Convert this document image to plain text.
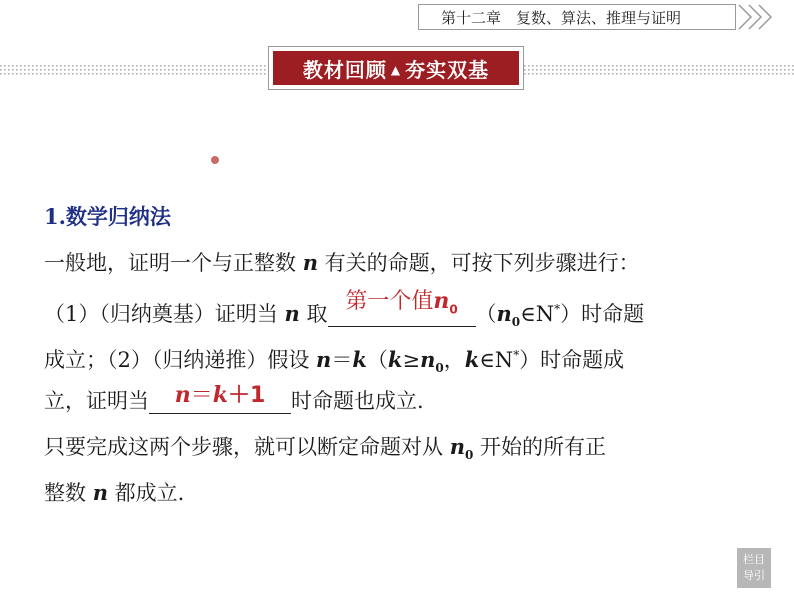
第十二章　复数、算法、推理与证明
教材回顾 ▲ 夯实双基
1.数学归纳法
一般地，证明一个与正整数 n 有关的命题，可按下列步骤进行：
（1）（归纳奠基）证明当 n 取
第一个值$n_0$ $(n_0\in N^*)$时命题
成立；（2）（归纳递推）假设 $n=k(k\ge n_0$，k∈N*）时命题成
立，证明当	n＝k＋1	时命题也成立.
只要完成这两个步骤，就可以断定命题对从 $n_0$ 开始的所有正
整数 n 都成立.
栏目
导引
